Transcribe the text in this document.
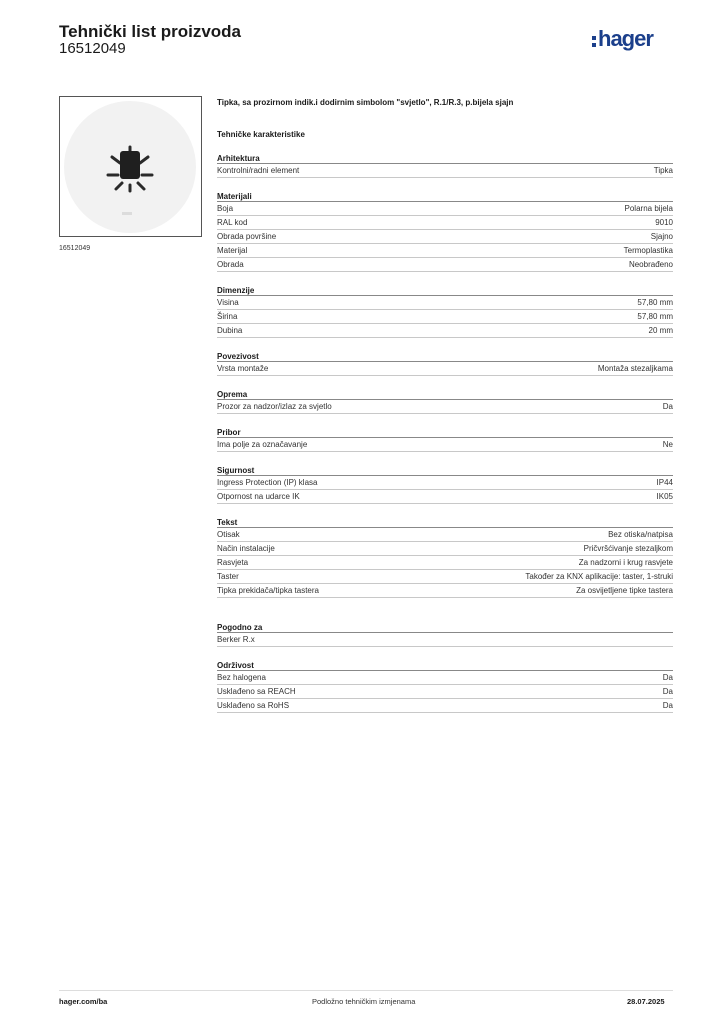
Tehnički list proizvoda
16512049	hager
16512049
Tipka, sa prozirnom indik.i dodirnim simbolom "svjetlo", R.1/R.3, p.bijela sjajn
Tehničke karakteristike
Arhitektura
Kontrolni/radni element	Tipka
Materijali
Boja	Polarna bijela
RAL kod	9010
Obrada površine	Sjajno
Materijal	Termoplastika
Obrada	Neobrađeno
Dimenzije
Visina	57,80 mm
Širina	57,80 mm
Dubina	20 mm
Povezivost
Vrsta montaže	Montaža stezaljkama
Oprema
Prozor za nadzor/izlaz za svjetlo	Da
Pribor
Ima polje za označavanje	Ne
Sigurnost
Ingress Protection (IP) klasa	IP44
Otpornost na udarce IK	IK05
Tekst
Otisak	Bez otiska/natpisa
Način instalacije	Pričvršćivanje stezaljkom
Rasvjeta	Za nadzorni i krug rasvjete
Taster	Također za KNX aplikacije: taster, 1-struki
Tipka prekidača/tipka tastera	Za osvijetljene tipke tastera
Pogodno za
Berker R.x
Održivost
Bez halogena	Da
Usklađeno sa REACH	Da
Usklađeno sa RoHS	Da
hager.com/ba	Podložno tehničkim izmjenama	28.07.2025
